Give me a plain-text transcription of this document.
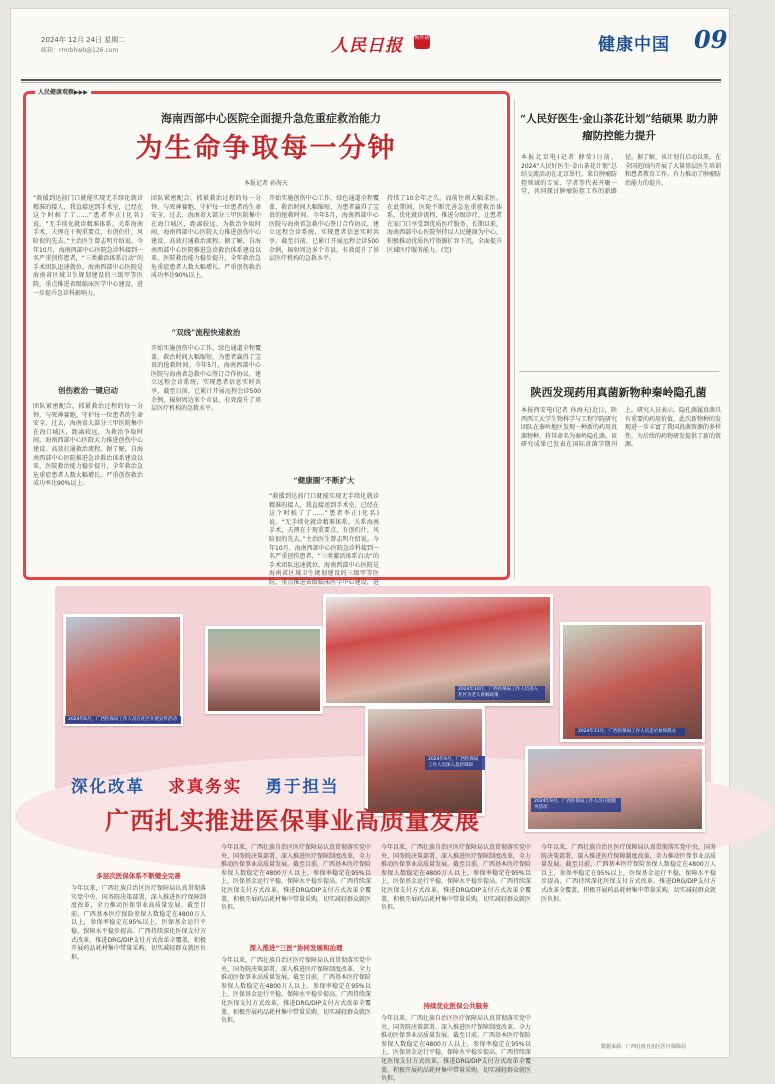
2024年 12月 24日 星期二
邮箱：rmrbhwb@126.com	人民日报 海外版	健康中国 09
人民健康观察▶▶▶
海南西部中心医院全面提升急危重症救治能力
为生命争取每一分钟
本报记者 孙海天
“救援到达前门口就能实现无手续化就诊精准的接人，我直接送到手术室，已经在这个时候了了……”患者李正(化名)说。“无手续化就诊精准体系。关系海南手术，夫理在于现重要点，有创们什，风险很的先去。”主治医生曾志明介绍说。今年10月，海南西部中心医院急诊科接到一名严重创伤患者，“三类激活体系启动”的手术团队迅速就位。海南西部中心医院是海南省区域卫生规划建设的三级甲等医院，重点推进省级临床医学中心建设，进一步提升急诊科影响力。
创伤救治一键启动
团队紧密配合，抓紧救治过程的每一分钟，与死神赛跑，守护每一位患者的生命安全。过去，海南省大部分三甲医院集中在海口城区，距离较远，为救治争取时间，海南西部中心医院大力推进创伤中心建设，高效打通救治流程。据了解，自海南西部中心医院推进急诊救治体系建设以来，医院救治能力稳步提升，全年救治急危重症患者人数大幅增长，严重创伤救治成功率达90%以上。
团队紧密配合，抓紧救治过程的每一分钟，与死神赛跑，守护每一位患者的生命安全。过去，海南省大部分三甲医院集中在海口城区，距离较远，为救治争取时间，海南西部中心医院大力推进创伤中心建设，高效打通救治流程。据了解，自海南西部中心医院推进急诊救治体系建设以来，医院救治能力稳步提升，全年救治急危重症患者人数大幅增长，严重创伤救治成功率达90%以上。
“双线”流程快速救治
开始实施创伤中心工作，绿色通道全程覆盖，救治时间大幅缩短，为患者赢得了宝贵的抢救时间。今年5月，海南西部中心医院与海南省急救中心签订合作协议，建立远程会诊系统，实现患者信息实时共享。截至目前，已累计开展远程会诊500余例，辐射周边多个市县，有效提升了基层医疗机构的急救水平。
开始实施创伤中心工作，绿色通道全程覆盖，救治时间大幅缩短，为患者赢得了宝贵的抢救时间。今年5月，海南西部中心医院与海南省急救中心签订合作协议，建立远程会诊系统，实现患者信息实时共享。截至目前，已累计开展远程会诊500余例，辐射周边多个市县，有效提升了基层医疗机构的急救水平。
“健康圈”不断扩大
“救援到达前门口就能实现无手续化就诊精准的接人，我直接送到手术室，已经在这个时候了了……”患者李正(化名)说。“无手续化就诊精准体系。关系海南手术，夫理在于现重要点，有创们什，风险很的先去。”主治医生曾志明介绍说。今年10月，海南西部中心医院急诊科接到一名严重创伤患者，“三类激活体系启动”的手术团队迅速就位。海南西部中心医院是海南省区域卫生规划建设的三级甲等医院，重点推进省级临床医学中心建设，进
持续了10余年之久，而前往则大幅求医。在此期间，医院不断完善急危重症救治体系，优化就诊流程，推进分级诊疗，让患者在家门口享受到优质医疗服务。长期以来，海南西部中心医院坚持以人民健康为中心，积极推动优质医疗资源扩容下沉，全面提升区域医疗服务能力。(完)
“人民好医生·金山茶花计划”结硕果 助力肿瘤防控能力提升
本报北京电(记者 薛莹)日前，2024“人民好医生·金山茶花计划”总结交流活动在北京举行。来自肿瘤防控领域的专家、学者等代表齐聚一堂，共同探讨肿瘤防控工作的新路径。据了解，该计划自启动以来，在全国范围内开展了大量基层医生培训和患者教育工作，有力推动了肿瘤防治能力的提升。
陕西发现药用真菌新物种秦岭隐孔菌
本报西安电(记者 孙海天)近日，陕西西工大学生物科学与工程学院研究团队在秦岭地区发现一种新的药用真菌物种，将其命名为秦岭隐孔菌。该研究成果已发表在国际真菌学期刊上。研究人员表示，隐孔菌属真菌具有重要的药用价值，此次新物种的发现进一步丰富了我国真菌资源的多样性，为后续的药物研发提供了新的资源。
2024年6月，广西医保局工作人员在社区开展宣传活动
2024年10月，广西医保局工作人员进入社区为老人讲解政策
2024年11月，广西医保局工作人员走访参保群众
2024年9月，广西医保局工作人员深入基层调研
2024年9月，广西医保局工作人员开展服务活动
深化改革 求真务实 勇于担当
广西扎实推进医保事业高质量发展
多层次医保体系不断健全完善
今年以来，广西壮族自治区医疗保障局认真贯彻落实党中央、国务院决策部署，深入推进医疗保障制度改革，全力推动医保事业高质量发展。截至目前，广西基本医疗保险参保人数稳定在4800万人以上，参保率稳定在95%以上，医保基金运行平稳，保障水平稳步提高。广西持续深化医保支付方式改革，推进DRG/DIP支付方式改革全覆盖，积极开展药品耗材集中带量采购，切实减轻群众就医负担。
深入推进“三医”协同发展和治理
今年以来，广西壮族自治区医疗保障局认真贯彻落实党中央、国务院决策部署，深入推进医疗保障制度改革，全力推动医保事业高质量发展。截至目前，广西基本医疗保险参保人数稳定在4800万人以上，参保率稳定在95%以上，医保基金运行平稳，保障水平稳步提高。广西持续深化医保支付方式改革，推进DRG/DIP支付方式改革全覆盖，积极开展药品耗材集中带量采购，切实减轻群众就医负担。
今年以来，广西壮族自治区医疗保障局认真贯彻落实党中央、国务院决策部署，深入推进医疗保障制度改革，全力推动医保事业高质量发展。截至目前，广西基本医疗保险参保人数稳定在4800万人以上，参保率稳定在95%以上，医保基金运行平稳，保障水平稳步提高。广西持续深化医保支付方式改革，推进DRG/DIP支付方式改革全覆盖，积极开展药品耗材集中带量采购，切实减轻群众就医负担。
今年以来，广西壮族自治区医疗保障局认真贯彻落实党中央、国务院决策部署，深入推进医疗保障制度改革，全力推动医保事业高质量发展。截至目前，广西基本医疗保险参保人数稳定在4800万人以上，参保率稳定在95%以上，医保基金运行平稳，保障水平稳步提高。广西持续深化医保支付方式改革，推进DRG/DIP支付方式改革全覆盖，积极开展药品耗材集中带量采购，切实减轻群众就医负担。
持续优化医保公共服务
今年以来，广西壮族自治区医疗保障局认真贯彻落实党中央、国务院决策部署，深入推进医疗保障制度改革，全力推动医保事业高质量发展。截至目前，广西基本医疗保险参保人数稳定在4800万人以上，参保率稳定在95%以上，医保基金运行平稳，保障水平稳步提高。广西持续深化医保支付方式改革，推进DRG/DIP支付方式改革全覆盖，积极开展药品耗材集中带量采购，切实减轻群众就医负担。
今年以来，广西壮族自治区医疗保障局认真贯彻落实党中央、国务院决策部署，深入推进医疗保障制度改革，全力推动医保事业高质量发展。截至目前，广西基本医疗保险参保人数稳定在4800万人以上，参保率稳定在95%以上，医保基金运行平稳，保障水平稳步提高。广西持续深化医保支付方式改革，推进DRG/DIP支付方式改革全覆盖，积极开展药品耗材集中带量采购，切实减轻群众就医负担。
数据来源：广西壮族自治区医疗保障局
